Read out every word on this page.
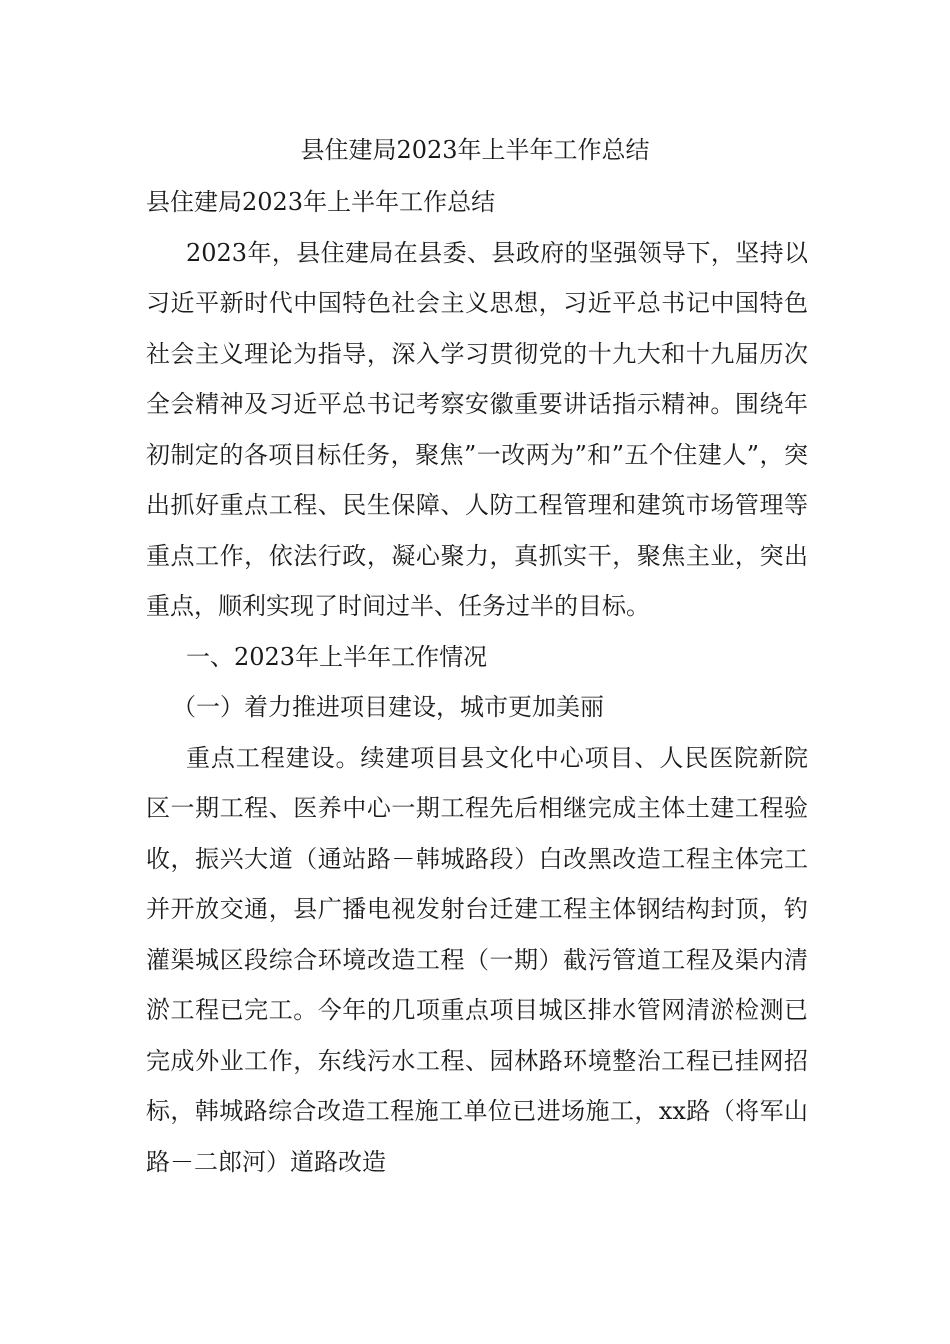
县住建局2023年上半年工作总结

县住建局2023年上半年工作总结

2023年，县住建局在县委、县政府的坚强领导下，坚持以习近平新时代中国特色社会主义思想，习近平总书记中国特色社会主义理论为指导，深入学习贯彻党的十九大和十九届历次全会精神及习近平总书记考察安徽重要讲话指示精神。围绕年初制定的各项目标任务，聚焦”一改两为”和”五个住建人”，突出抓好重点工程、民生保障、人防工程管理和建筑市场管理等重点工作，依法行政，凝心聚力，真抓实干，聚焦主业，突出重点，顺利实现了时间过半、任务过半的目标。

一、2023年上半年工作情况

（一）着力推进项目建设，城市更加美丽

重点工程建设。续建项目县文化中心项目、人民医院新院区一期工程、医养中心一期工程先后相继完成主体土建工程验收，振兴大道（通站路－韩城路段）白改黑改造工程主体完工并开放交通，县广播电视发射台迁建工程主体钢结构封顶，钓灌渠城区段综合环境改造工程（一期）截污管道工程及渠内清淤工程已完工。今年的几项重点项目城区排水管网清淤检测已完成外业工作，东线污水工程、园林路环境整治工程已挂网招标，韩城路综合改造工程施工单位已进场施工，xx路（将军山路－二郎河）道路改造
